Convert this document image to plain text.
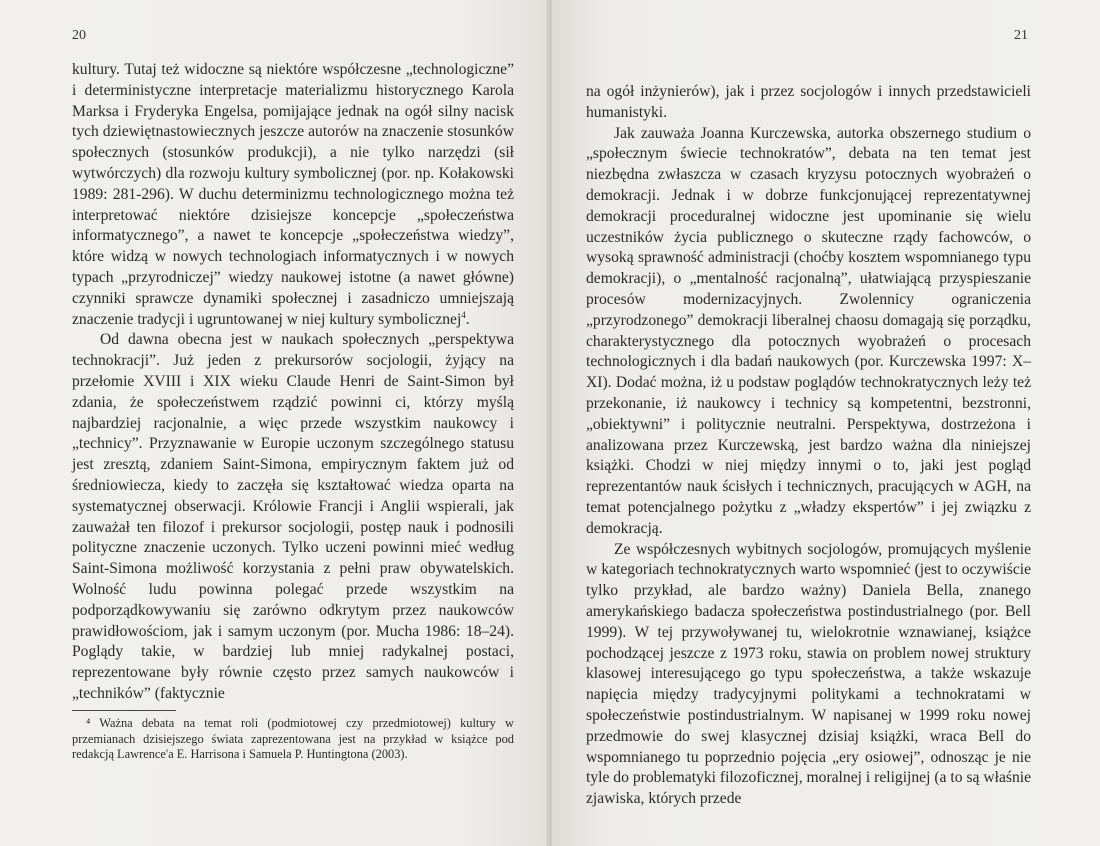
20

kultury. Tutaj też widoczne są niektóre współczesne „technologiczne” i deterministyczne interpretacje materializmu historycznego Karola Marksa i Fryderyka Engelsa, pomijające jednak na ogół silny nacisk tych dziewiętnastowiecznych jeszcze autorów na znaczenie stosunków społecznych (stosunków produkcji), a nie tylko narzędzi (sił wytwórczych) dla rozwoju kultury symbolicznej (por. np. Kołakowski 1989: 281-296). W duchu determinizmu technologicznego można też interpretować niektóre dzisiejsze koncepcje „społeczeństwa informatycznego”, a nawet te koncepcje „społeczeństwa wiedzy”, które widzą w nowych technologiach informatycznych i w nowych typach „przyrodniczej” wiedzy naukowej istotne (a nawet główne) czynniki sprawcze dynamiki społecznej i zasadniczo umniejszają znaczenie tradycji i ugruntowanej w niej kultury symbolicznej$^4$.

Od dawna obecna jest w naukach społecznych „perspektywa technokracji”. Już jeden z prekursorów socjologii, żyjący na przełomie XVIII i XIX wieku Claude Henri de Saint-Simon był zdania, że społeczeństwem rządzić powinni ci, którzy myślą najbardziej racjonalnie, a więc przede wszystkim naukowcy i „technicy”. Przyznawanie w Europie uczonym szczególnego statusu jest zresztą, zdaniem Saint-Simona, empirycznym faktem już od średniowiecza, kiedy to zaczęła się kształtować wiedza oparta na systematycznej obserwacji. Królowie Francji i Anglii wspierali, jak zauważał ten filozof i prekursor socjologii, postęp nauk i podnosili polityczne znaczenie uczonych. Tylko uczeni powinni mieć według Saint-Simona możliwość korzystania z pełni praw obywatelskich. Wolność ludu powinna polegać przede wszystkim na podporządkowywaniu się zarówno odkrytym przez naukowców prawidłowościom, jak i samym uczonym (por. Mucha 1986: 18–24). Poglądy takie, w bardziej lub mniej radykalnej postaci, reprezentowane były równie często przez samych naukowców i „techników” (faktycznie

⁴ Ważna debata na temat roli (podmiotowej czy przedmiotowej) kultury w przemianach dzisiejszego świata zaprezentowana jest na przykład w książce pod redakcją Lawrence'a E. Harrisona i Samuela P. Huntingtona (2003).

21

na ogół inżynierów), jak i przez socjologów i innych przedstawicieli humanistyki.

Jak zauważa Joanna Kurczewska, autorka obszernego studium o „społecznym świecie technokratów”, debata na ten temat jest niezbędna zwłaszcza w czasach kryzysu potocznych wyobrażeń o demokracji. Jednak i w dobrze funkcjonującej reprezentatywnej demokracji proceduralnej widoczne jest upominanie się wielu uczestników życia publicznego o skuteczne rządy fachowców, o wysoką sprawność administracji (choćby kosztem wspomnianego typu demokracji), o „mentalność racjonalną”, ułatwiającą przyspieszanie procesów modernizacyjnych. Zwolennicy ograniczenia „przyrodzonego” demokracji liberalnej chaosu domagają się porządku, charakterystycznego dla potocznych wyobrażeń o procesach technologicznych i dla badań naukowych (por. Kurczewska 1997: X–XI). Dodać można, iż u podstaw poglądów technokratycznych leży też przekonanie, iż naukowcy i technicy są kompetentni, bezstronni, „obiektywni” i politycznie neutralni. Perspektywa, dostrzeżona i analizowana przez Kurczewską, jest bardzo ważna dla niniejszej książki. Chodzi w niej między innymi o to, jaki jest pogląd reprezentantów nauk ścisłych i technicznych, pracujących w AGH, na temat potencjalnego pożytku z „władzy ekspertów” i jej związku z demokracją.

Ze współczesnych wybitnych socjologów, promujących myślenie w kategoriach technokratycznych warto wspomnieć (jest to oczywiście tylko przykład, ale bardzo ważny) Daniela Bella, znanego amerykańskiego badacza społeczeństwa postindustrialnego (por. Bell 1999). W tej przywoływanej tu, wielokrotnie wznawianej, książce pochodzącej jeszcze z 1973 roku, stawia on problem nowej struktury klasowej interesującego go typu społeczeństwa, a także wskazuje napięcia między tradycyjnymi politykami a technokratami w społeczeństwie postindustrialnym. W napisanej w 1999 roku nowej przedmowie do swej klasycznej dzisiaj książki, wraca Bell do wspomnianego tu poprzednio pojęcia „ery osiowej”, odnosząc je nie tyle do problematyki filozoficznej, moralnej i religijnej (a to są właśnie zjawiska, których przede
